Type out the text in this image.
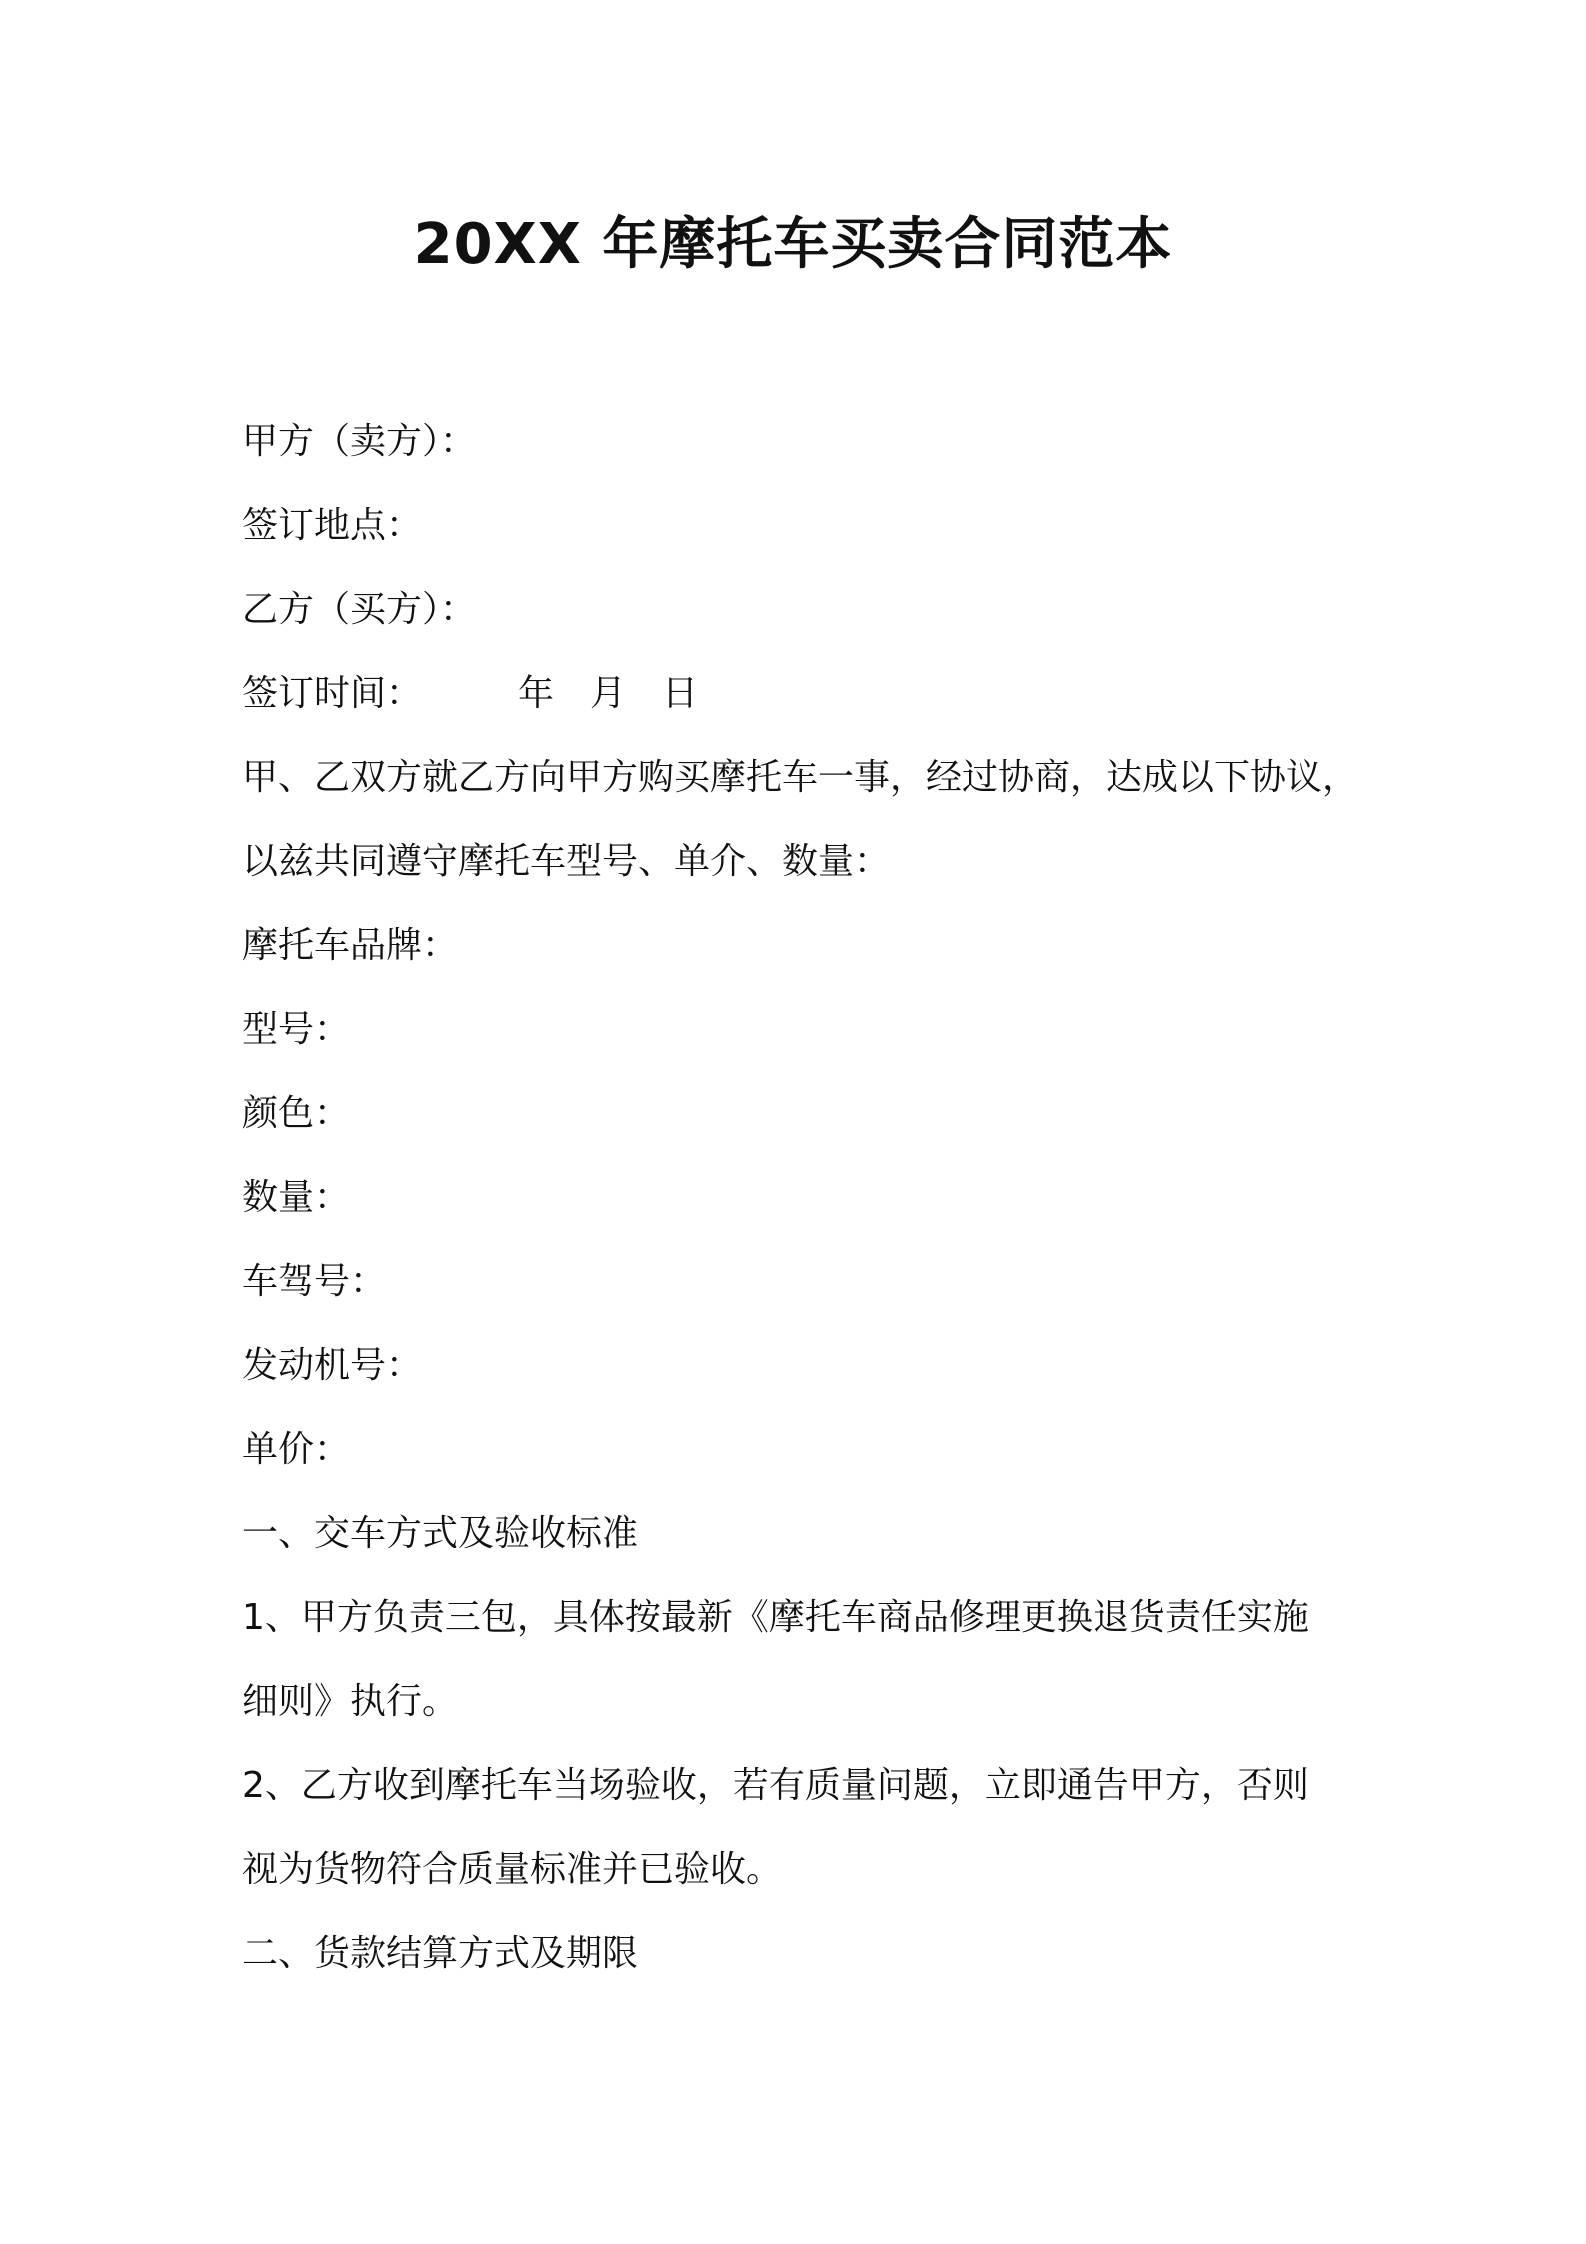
20XX 年摩托车买卖合同范本
甲方（卖方）：
签订地点：
乙方（买方）：
签订时间：	年 月 日
甲、乙双方就乙方向甲方购买摩托车一事，经过协商，达成以下协议，
以兹共同遵守摩托车型号、单介、数量：
摩托车品牌：
型号：
颜色：
数量：
车驾号：
发动机号：
单价：
一、交车方式及验收标准
1、甲方负责三包，具体按最新《摩托车商品修理更换退货责任实施
细则》执行。
2、乙方收到摩托车当场验收，若有质量问题，立即通告甲方，否则
视为货物符合质量标准并已验收。
二、货款结算方式及期限
